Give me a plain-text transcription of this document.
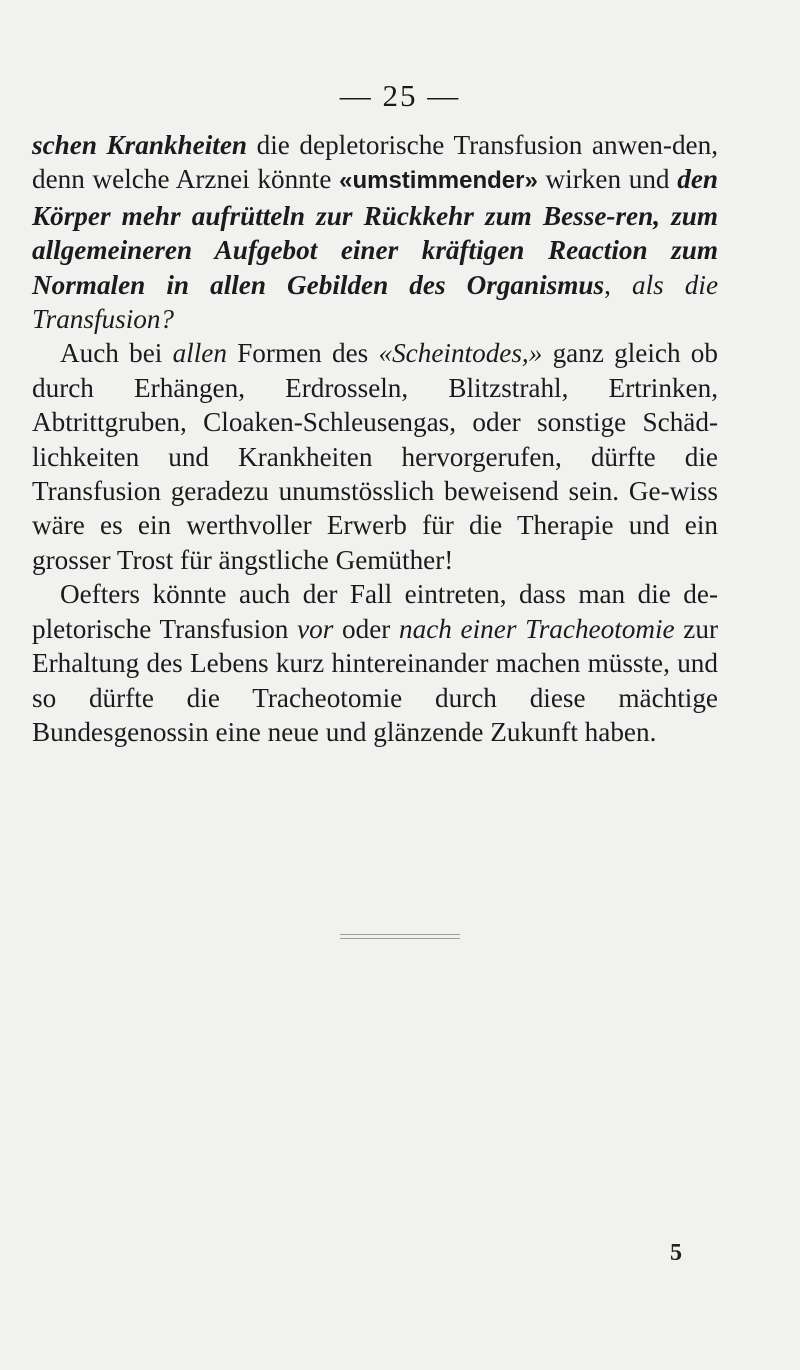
— 25 —

schen Krankheiten die depletorische Transfusion anwen-den, denn welche Arznei könnte «umstimmender» wirken und den Körper mehr aufrütteln zur Rückkehr zum Besse-ren, zum allgemeineren Aufgebot einer kräftigen Reaction zum Normalen in allen Gebilden des Organismus, als die Transfusion?

Auch bei allen Formen des «Scheintodes,» ganz gleich ob durch Erhängen, Erdrosseln, Blitzstrahl, Ertrinken, Abtrittgruben, Cloaken-Schleusengas, oder sonstige Schäd-lichkeiten und Krankheiten hervorgerufen, dürfte die Transfusion geradezu unumstösslich beweisend sein. Ge-wiss wäre es ein werthvoller Erwerb für die Therapie und ein grosser Trost für ängstliche Gemüther!

Oefters könnte auch der Fall eintreten, dass man die de-pletorische Transfusion vor oder nach einer Tracheotomie zur Erhaltung des Lebens kurz hintereinander machen müsste, und so dürfte die Tracheotomie durch diese mächtige Bundesgenossin eine neue und glänzende Zukunft haben.

5
